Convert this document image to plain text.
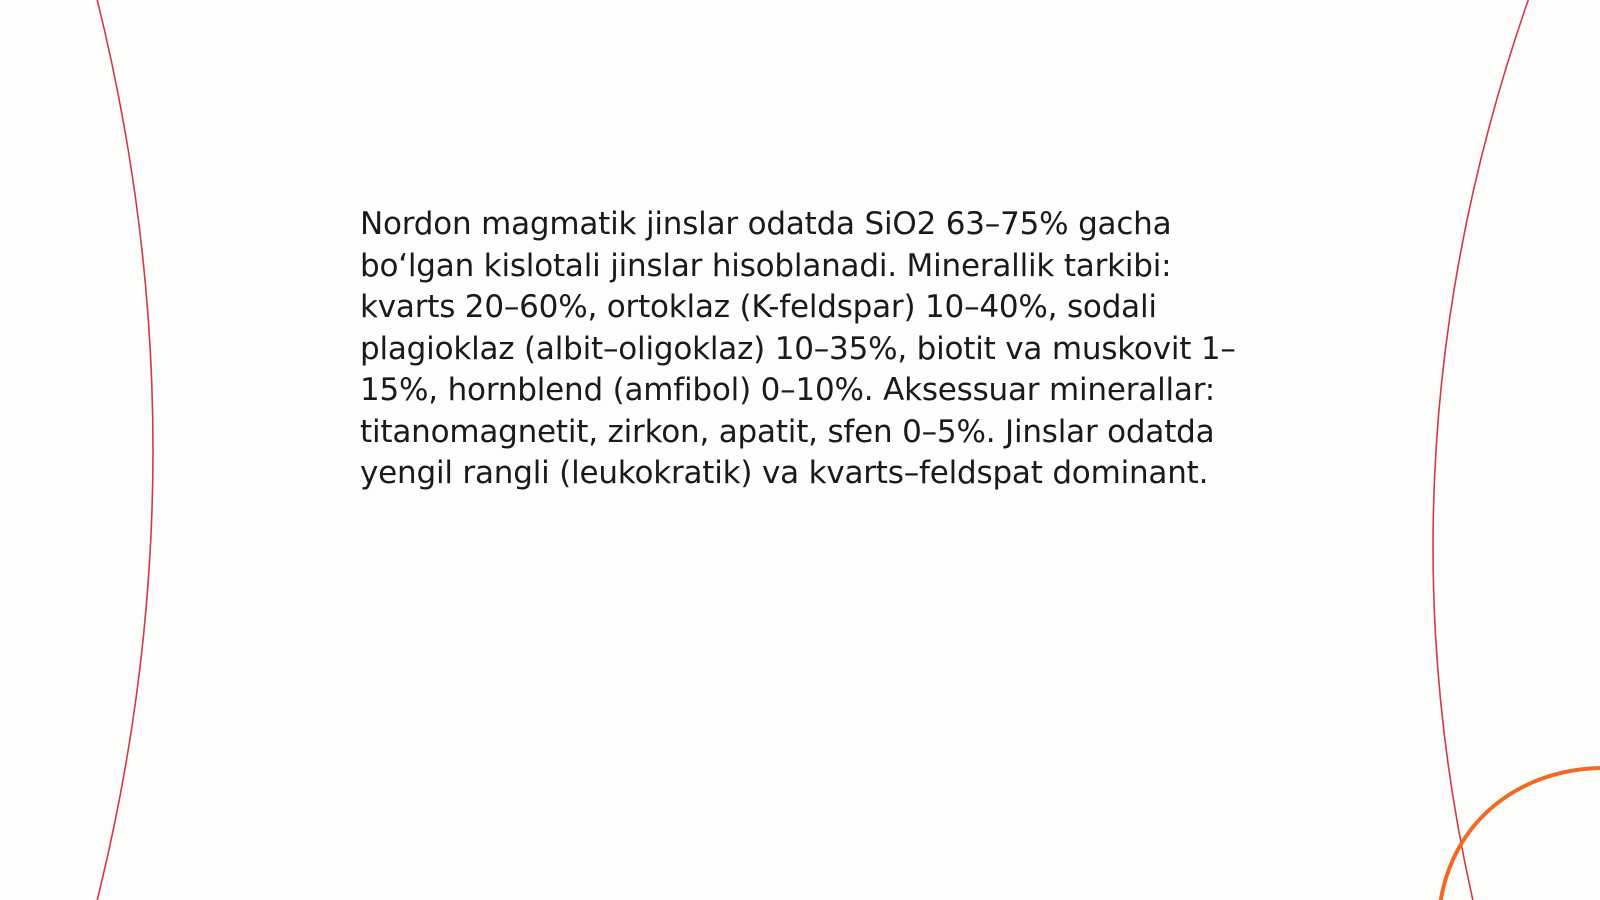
Nordon magmatik jinslar odatda SiO2 63–75% gacha bo‘lgan kislotali jinslar hisoblanadi. Minerallik tarkibi: kvarts 20–60%, ortoklaz (K-feldspar) 10–40%, sodali plagioklaz (albit–oligoklaz) 10–35%, biotit va muskovit 1–15%, hornblend (amfibol) 0–10%. Aksessuar minerallar: titanomagnetit, zirkon, apatit, sfen 0–5%. Jinslar odatda yengil rangli (leukokratik) va kvarts–feldspat dominant.
